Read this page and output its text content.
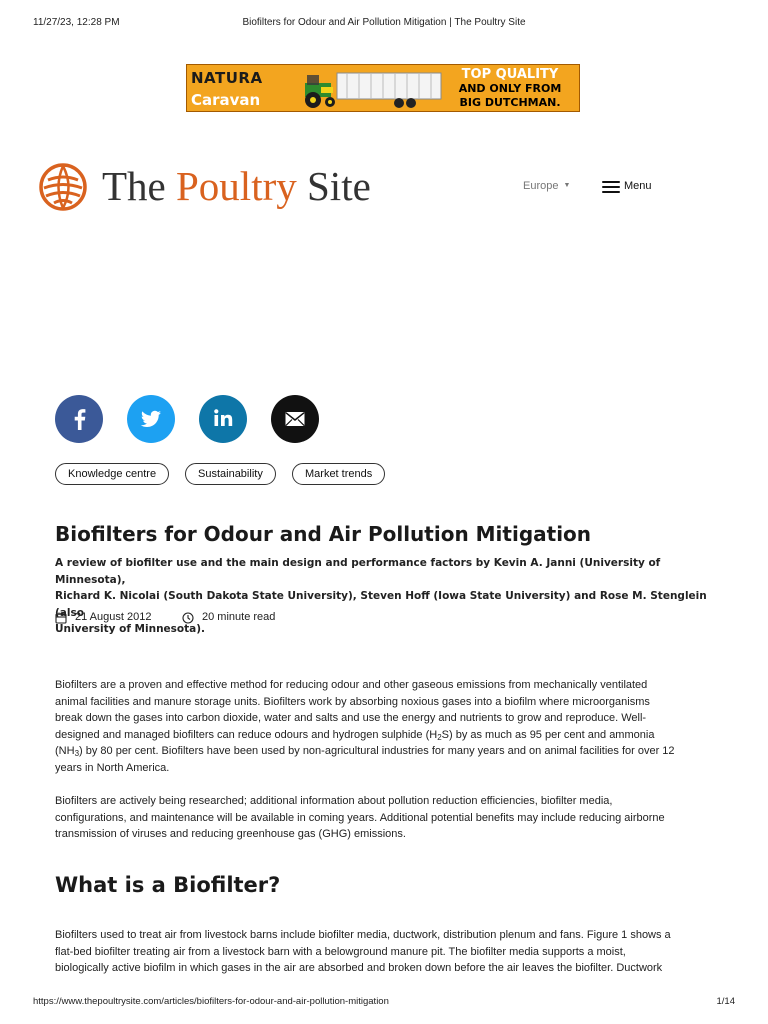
11/27/23, 12:28 PM	Biofilters for Odour and Air Pollution Mitigation | The Poultry Site
NATURA
Caravan
TOP QUALITY
AND ONLY FROM
BIG DUTCHMAN.
The Poultry Site	Europe ▼	Menu
Knowledge centre	Sustainability	Market trends
Biofilters for Odour and Air Pollution Mitigation
A review of biofilter use and the main design and performance factors by Kevin A. Janni (University of Minnesota),
Richard K. Nicolai (South Dakota State University), Steven Hoff (Iowa State University) and Rose M. Stenglein (also
University of Minnesota).
21 August 2012	20 minute read
Biofilters are a proven and effective method for reducing odour and other gaseous emissions from mechanically ventilated
animal facilities and manure storage units. Biofilters work by absorbing noxious gases into a biofilm where microorganisms
break down the gases into carbon dioxide, water and salts and use the energy and nutrients to grow and reproduce. Well-
designed and managed biofilters can reduce odours and hydrogen sulphide $(H_2S)$ by as much as 95 per cent and ammonia
$(NH_3)$ by 80 per cent. Biofilters have been used by non-agricultural industries for many years and on animal facilities for over 12
years in North America.
Biofilters are actively being researched; additional information about pollution reduction efficiencies, biofilter media,
configurations, and maintenance will be available in coming years. Additional potential benefits may include reducing airborne
transmission of viruses and reducing greenhouse gas (GHG) emissions.
What is a Biofilter?
Biofilters used to treat air from livestock barns include biofilter media, ductwork, distribution plenum and fans. Figure 1 shows a
flat-bed biofilter treating air from a livestock barn with a belowground manure pit. The biofilter media supports a moist,
biologically active biofilm in which gases in the air are absorbed and broken down before the air leaves the biofilter. Ductwork
https://www.thepoultrysite.com/articles/biofilters-for-odour-and-air-pollution-mitigation	1/14
